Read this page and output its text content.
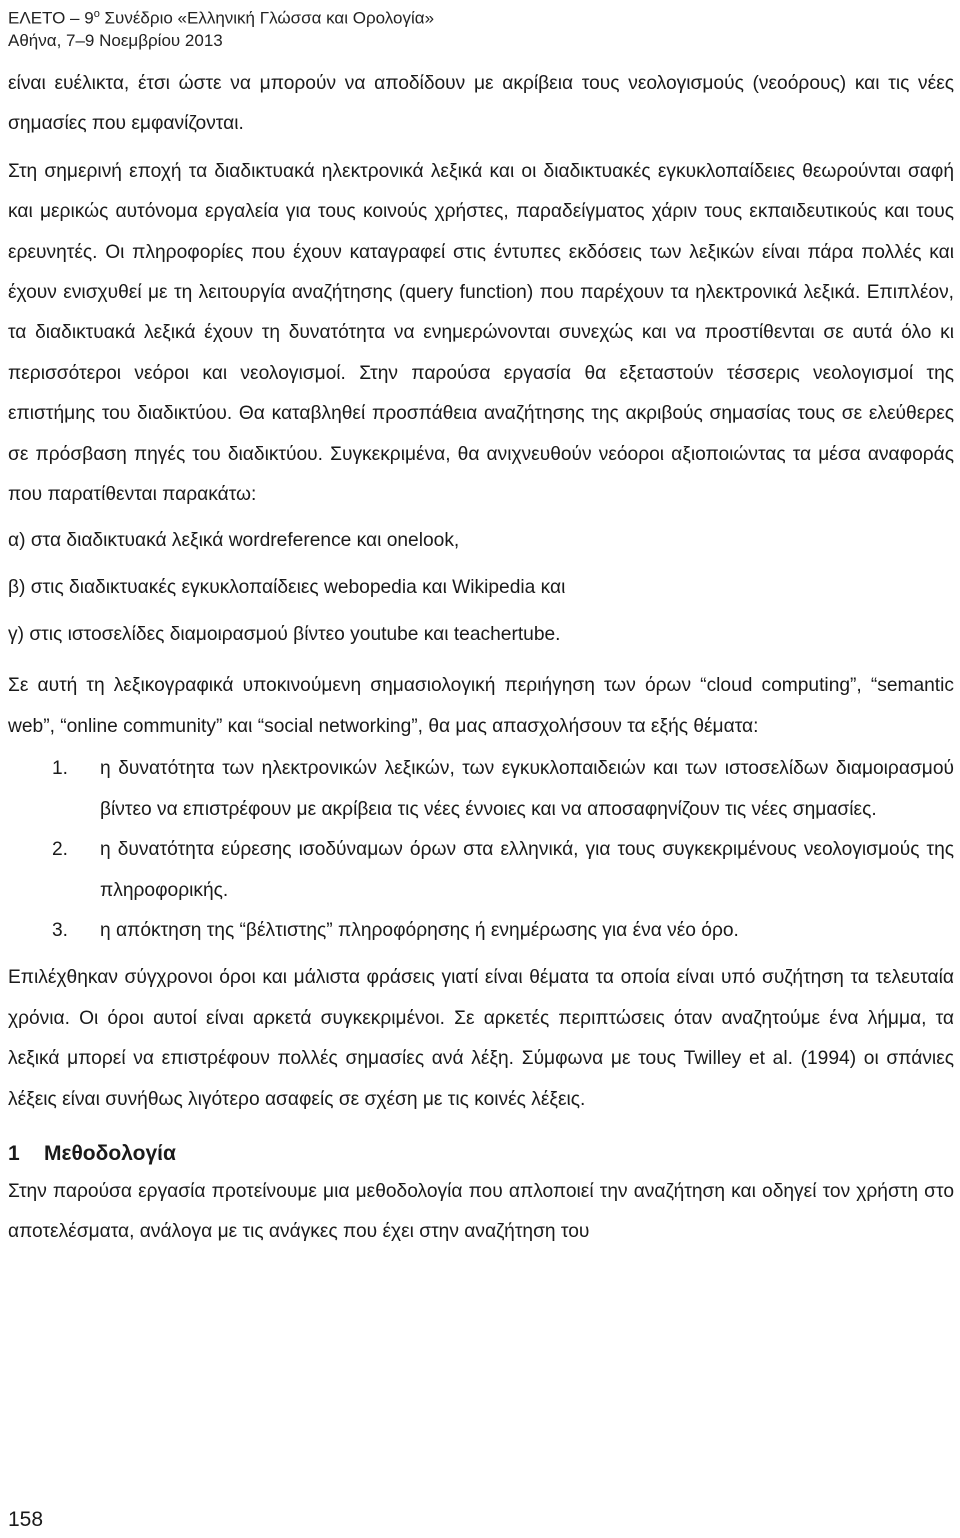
ΕΛΕΤΟ – $9^o$ Συνέδριο «Ελληνική Γλώσσα και Ορολογία»
Αθήνα, 7–9 Νοεμβρίου 2013

είναι ευέλικτα, έτσι ώστε να μπορούν να αποδίδουν με ακρίβεια τους νεολογισμούς (νεοόρους) και τις νέες σημασίες που εμφανίζονται.

Στη σημερινή εποχή τα διαδικτυακά ηλεκτρονικά λεξικά και οι διαδικτυακές εγκυκλοπαίδειες θεωρούνται σαφή και μερικώς αυτόνομα εργαλεία για τους κοινούς χρήστες, παραδείγματος χάριν τους εκπαιδευτικούς και τους ερευνητές. Οι πληροφορίες που έχουν καταγραφεί στις έντυπες εκδόσεις των λεξικών είναι πάρα πολλές και έχουν ενισχυθεί με τη λειτουργία αναζήτησης (query function) που παρέχουν τα ηλεκτρονικά λεξικά. Επιπλέον, τα διαδικτυακά λεξικά έχουν τη δυνατότητα να ενημερώνονται συνεχώς και να προστίθενται σε αυτά όλο κι περισσότεροι νεόροι και νεολογισμοί. Στην παρούσα εργασία θα εξεταστούν τέσσερις νεολογισμοί της επιστήμης του διαδικτύου. Θα καταβληθεί προσπάθεια αναζήτησης της ακριβούς σημασίας τους σε ελεύθερες σε πρόσβαση πηγές του διαδικτύου. Συγκεκριμένα, θα ανιχνευθούν νεόοροι αξιοποιώντας τα μέσα αναφοράς που παρατίθενται παρακάτω:

α) στα διαδικτυακά λεξικά wordreference και onelook,

β) στις διαδικτυακές εγκυκλοπαίδειες webopedia και Wikipedia και

γ) στις ιστοσελίδες διαμοιρασμού βίντεο youtube και teachertube.

Σε αυτή τη λεξικογραφικά υποκινούμενη σημασιολογική περιήγηση των όρων “cloud computing”, “semantic web”, “online community” και “social networking”, θα μας απασχολήσουν τα εξής θέματα:

1.	η δυνατότητα των ηλεκτρονικών λεξικών, των εγκυκλοπαιδειών και των ιστοσελίδων διαμοιρασμού βίντεο να επιστρέφουν με ακρίβεια τις νέες έννοιες και να αποσαφηνίζουν τις νέες σημασίες.
2.	η δυνατότητα εύρεσης ισοδύναμων όρων στα ελληνικά, για τους συγκεκριμένους νεολογισμούς της πληροφορικής.
3.	η απόκτηση της “βέλτιστης” πληροφόρησης ή ενημέρωσης για ένα νέο όρο.

Επιλέχθηκαν σύγχρονοι όροι και μάλιστα φράσεις γιατί είναι θέματα τα οποία είναι υπό συζήτηση τα τελευταία χρόνια. Οι όροι αυτοί είναι αρκετά συγκεκριμένοι. Σε αρκετές περιπτώσεις όταν αναζητούμε ένα λήμμα, τα λεξικά μπορεί να επιστρέφουν πολλές σημασίες ανά λέξη. Σύμφωνα με τους Twilley et al. (1994) οι σπάνιες λέξεις είναι συνήθως λιγότερο ασαφείς σε σχέση με τις κοινές λέξεις.

1	Μεθοδολογία

Στην παρούσα εργασία προτείνουμε μια μεθοδολογία που απλοποιεί την αναζήτηση και οδηγεί τον χρήστη στο αποτελέσματα, ανάλογα με τις ανάγκες που έχει στην αναζήτηση του

158
